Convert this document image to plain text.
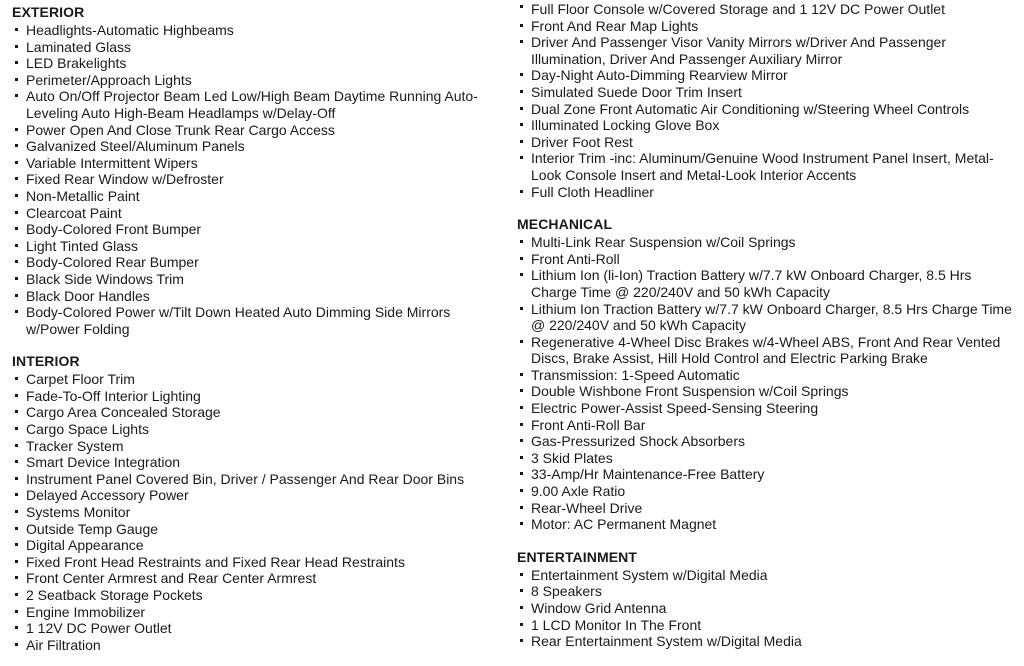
EXTERIOR
Headlights-Automatic Highbeams
Laminated Glass
LED Brakelights
Perimeter/Approach Lights
Auto On/Off Projector Beam Led Low/High Beam Daytime Running Auto-Leveling Auto High-Beam Headlamps w/Delay-Off
Power Open And Close Trunk Rear Cargo Access
Galvanized Steel/Aluminum Panels
Variable Intermittent Wipers
Fixed Rear Window w/Defroster
Non-Metallic Paint
Clearcoat Paint
Body-Colored Front Bumper
Light Tinted Glass
Body-Colored Rear Bumper
Black Side Windows Trim
Black Door Handles
Body-Colored Power w/Tilt Down Heated Auto Dimming Side Mirrors w/Power Folding
INTERIOR
Carpet Floor Trim
Fade-To-Off Interior Lighting
Cargo Area Concealed Storage
Cargo Space Lights
Tracker System
Smart Device Integration
Instrument Panel Covered Bin, Driver / Passenger And Rear Door Bins
Delayed Accessory Power
Systems Monitor
Outside Temp Gauge
Digital Appearance
Fixed Front Head Restraints and Fixed Rear Head Restraints
Front Center Armrest and Rear Center Armrest
2 Seatback Storage Pockets
Engine Immobilizer
1 12V DC Power Outlet
Air Filtration
Full Floor Console w/Covered Storage and 1 12V DC Power Outlet
Front And Rear Map Lights
Driver And Passenger Visor Vanity Mirrors w/Driver And Passenger Illumination, Driver And Passenger Auxiliary Mirror
Day-Night Auto-Dimming Rearview Mirror
Simulated Suede Door Trim Insert
Dual Zone Front Automatic Air Conditioning w/Steering Wheel Controls
Illuminated Locking Glove Box
Driver Foot Rest
Interior Trim -inc: Aluminum/Genuine Wood Instrument Panel Insert, Metal-Look Console Insert and Metal-Look Interior Accents
Full Cloth Headliner
MECHANICAL
Multi-Link Rear Suspension w/Coil Springs
Front Anti-Roll
Lithium Ion (li-Ion) Traction Battery w/7.7 kW Onboard Charger, 8.5 Hrs Charge Time @ 220/240V and 50 kWh Capacity
Lithium Ion Traction Battery w/7.7 kW Onboard Charger, 8.5 Hrs Charge Time @ 220/240V and 50 kWh Capacity
Regenerative 4-Wheel Disc Brakes w/4-Wheel ABS, Front And Rear Vented Discs, Brake Assist, Hill Hold Control and Electric Parking Brake
Transmission: 1-Speed Automatic
Double Wishbone Front Suspension w/Coil Springs
Electric Power-Assist Speed-Sensing Steering
Front Anti-Roll Bar
Gas-Pressurized Shock Absorbers
3 Skid Plates
33-Amp/Hr Maintenance-Free Battery
9.00 Axle Ratio
Rear-Wheel Drive
Motor: AC Permanent Magnet
ENTERTAINMENT
Entertainment System w/Digital Media
8 Speakers
Window Grid Antenna
1 LCD Monitor In The Front
Rear Entertainment System w/Digital Media
